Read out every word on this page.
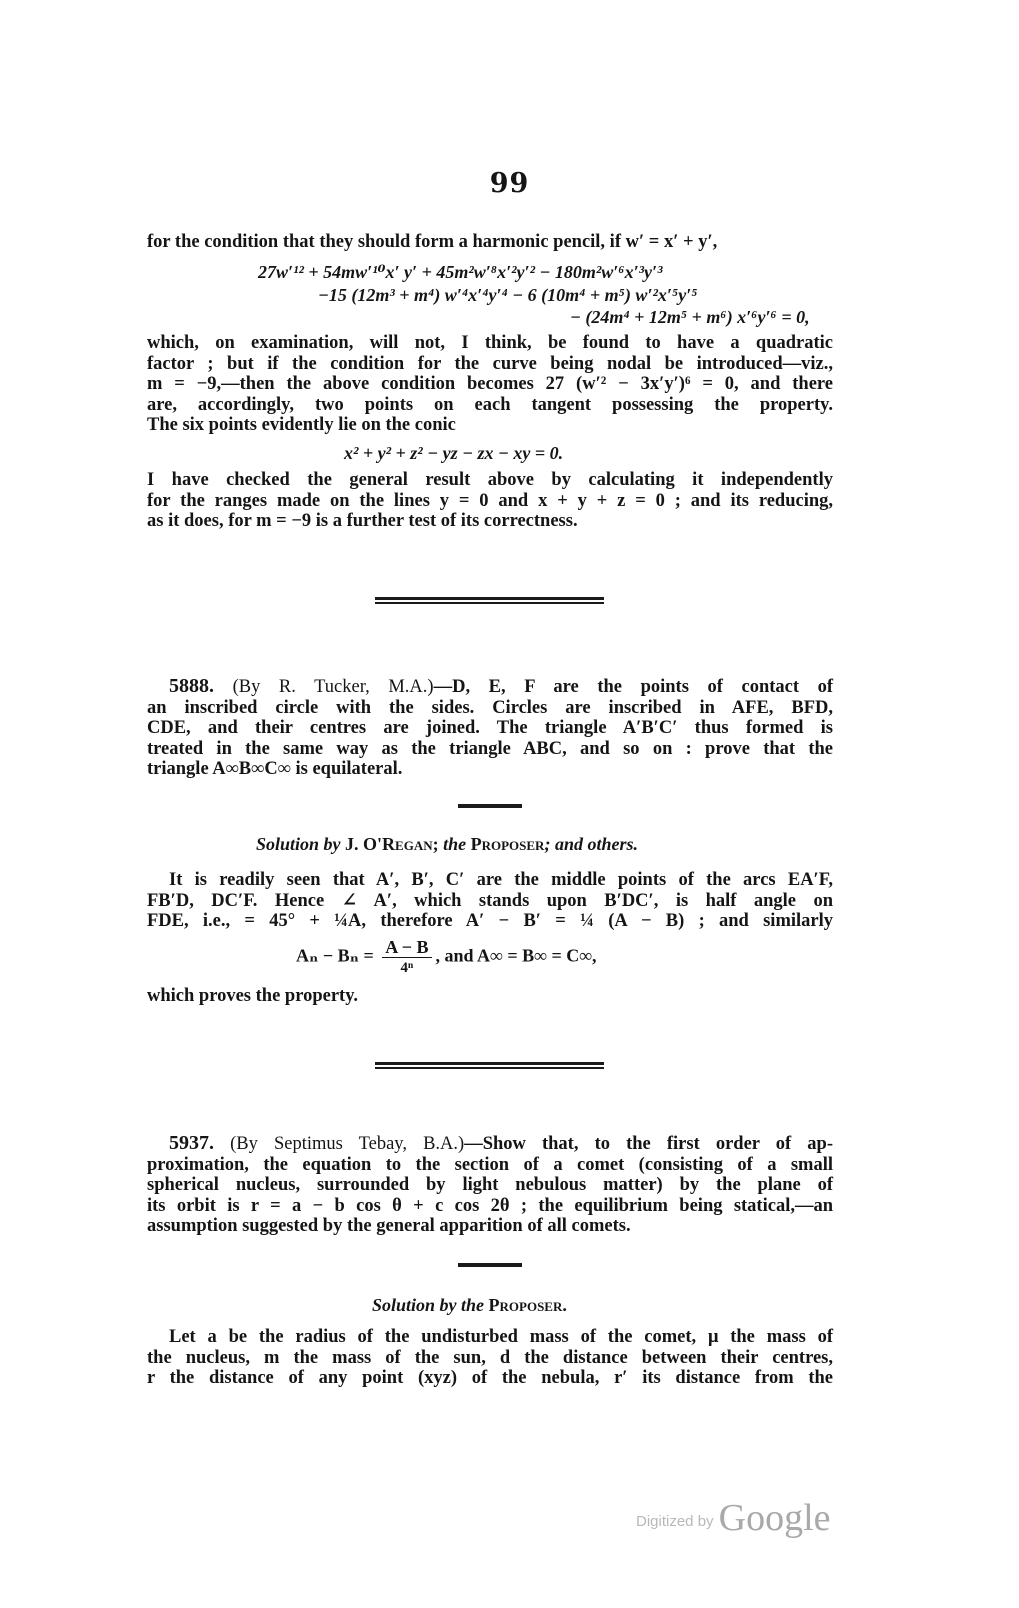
99
for the condition that they should form a harmonic pencil, if w′ = x′ + y′,
27w′¹² + 54mw′¹⁰x′ y′ + 45m²w′⁸x′²y′² − 180m²w′⁶x′³y′³
−15 (12m³ + m⁴) w′⁴x′⁴y′⁴ − 6 (10m⁴ + m⁵) w′²x′⁵y′⁵
− (24m⁴ + 12m⁵ + m⁶) x′⁶y′⁶ = 0,
which, on examination, will not, I think, be found to have a quadratic
factor ; but if the condition for the curve being nodal be introduced—viz.,
m = −9,—then the above condition becomes 27 (w′² − 3x′y′)⁶ = 0, and there
are, accordingly, two points on each tangent possessing the property.
The six points evidently lie on the conic
x² + y² + z² − yz − zx − xy = 0.
I have checked the general result above by calculating it independently
for the ranges made on the lines y = 0 and x + y + z = 0 ; and its reducing,
as it does, for m = −9 is a further test of its correctness.
5888. (By R. Tucker, M.A.)—D, E, F are the points of contact of
an inscribed circle with the sides. Circles are inscribed in AFE, BFD,
CDE, and their centres are joined. The triangle A′B′C′ thus formed is
treated in the same way as the triangle ABC, and so on : prove that the
triangle A∞B∞C∞ is equilateral.
Solution by J. O'Regan; the Proposer; and others.
It is readily seen that A′, B′, C′ are the middle points of the arcs EA′F,
FB′D, DC′F. Hence ∠ A′, which stands upon B′DC′, is half angle on
FDE, i.e., = 45° + ¼A, therefore A′ − B′ = ¼ (A − B) ; and similarly
$A_n - B_n = \frac{A - B}{\text{4ⁿ}}$ , and A∞ = B∞ = C∞,
which proves the property.
5937. (By Septimus Tebay, B.A.)—Show that, to the first order of ap-
proximation, the equation to the section of a comet (consisting of a small
spherical nucleus, surrounded by light nebulous matter) by the plane of
its orbit is r = a − b cos θ + c cos 2θ ; the equilibrium being statical,—an
assumption suggested by the general apparition of all comets.
Solution by the Proposer.
Let a be the radius of the undisturbed mass of the comet, μ the mass of
the nucleus, m the mass of the sun, d the distance between their centres,
r the distance of any point (xyz) of the nebula, r′ its distance from the
Digitized by Google
